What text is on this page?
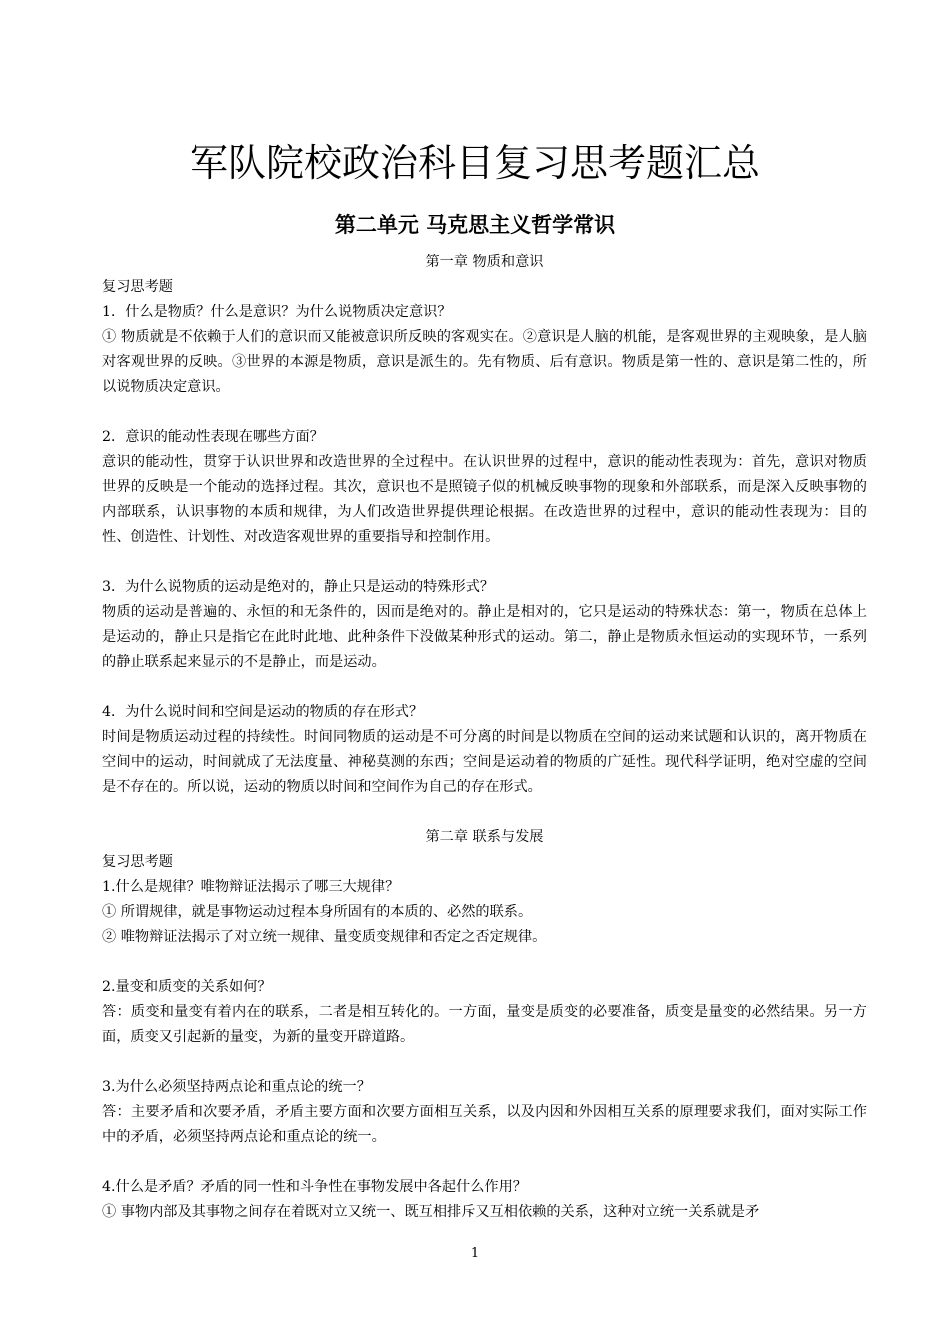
军队院校政治科目复习思考题汇总
第二单元 马克思主义哲学常识

第一章 物质和意识

复习思考题

1．什么是物质？什么是意识？为什么说物质决定意识？

① 物质就是不依赖于人们的意识而又能被意识所反映的客观实在。②意识是人脑的机能，是客观世界的主观映象，是人脑对客观世界的反映。③世界的本源是物质，意识是派生的。先有物质、后有意识。物质是第一性的、意识是第二性的，所以说物质决定意识。

2．意识的能动性表现在哪些方面？

意识的能动性，贯穿于认识世界和改造世界的全过程中。在认识世界的过程中，意识的能动性表现为：首先，意识对物质世界的反映是一个能动的选择过程。其次，意识也不是照镜子似的机械反映事物的现象和外部联系，而是深入反映事物的内部联系，认识事物的本质和规律，为人们改造世界提供理论根据。在改造世界的过程中，意识的能动性表现为：目的性、创造性、计划性、对改造客观世界的重要指导和控制作用。

3．为什么说物质的运动是绝对的，静止只是运动的特殊形式？

物质的运动是普遍的、永恒的和无条件的，因而是绝对的。静止是相对的，它只是运动的特殊状态：第一，物质在总体上是运动的，静止只是指它在此时此地、此种条件下没做某种形式的运动。第二，静止是物质永恒运动的实现环节，一系列的静止联系起来显示的不是静止，而是运动。

4．为什么说时间和空间是运动的物质的存在形式？

时间是物质运动过程的持续性。时间同物质的运动是不可分离的时间是以物质在空间的运动来试题和认识的，离开物质在空间中的运动，时间就成了无法度量、神秘莫测的东西；空间是运动着的物质的广延性。现代科学证明，绝对空虚的空间是不存在的。所以说，运动的物质以时间和空间作为自己的存在形式。

第二章 联系与发展

复习思考题

1.什么是规律？唯物辩证法揭示了哪三大规律？

① 所谓规律，就是事物运动过程本身所固有的本质的、必然的联系。

② 唯物辩证法揭示了对立统一规律、量变质变规律和否定之否定规律。

2.量变和质变的关系如何？

答：质变和量变有着内在的联系，二者是相互转化的。一方面，量变是质变的必要准备，质变是量变的必然结果。另一方面，质变又引起新的量变，为新的量变开辟道路。

3.为什么必须坚持两点论和重点论的统一？

答：主要矛盾和次要矛盾，矛盾主要方面和次要方面相互关系，以及内因和外因相互关系的原理要求我们，面对实际工作中的矛盾，必须坚持两点论和重点论的统一。

4.什么是矛盾？矛盾的同一性和斗争性在事物发展中各起什么作用？

① 事物内部及其事物之间存在着既对立又统一、既互相排斥又互相依赖的关系，这种对立统一关系就是矛

1
